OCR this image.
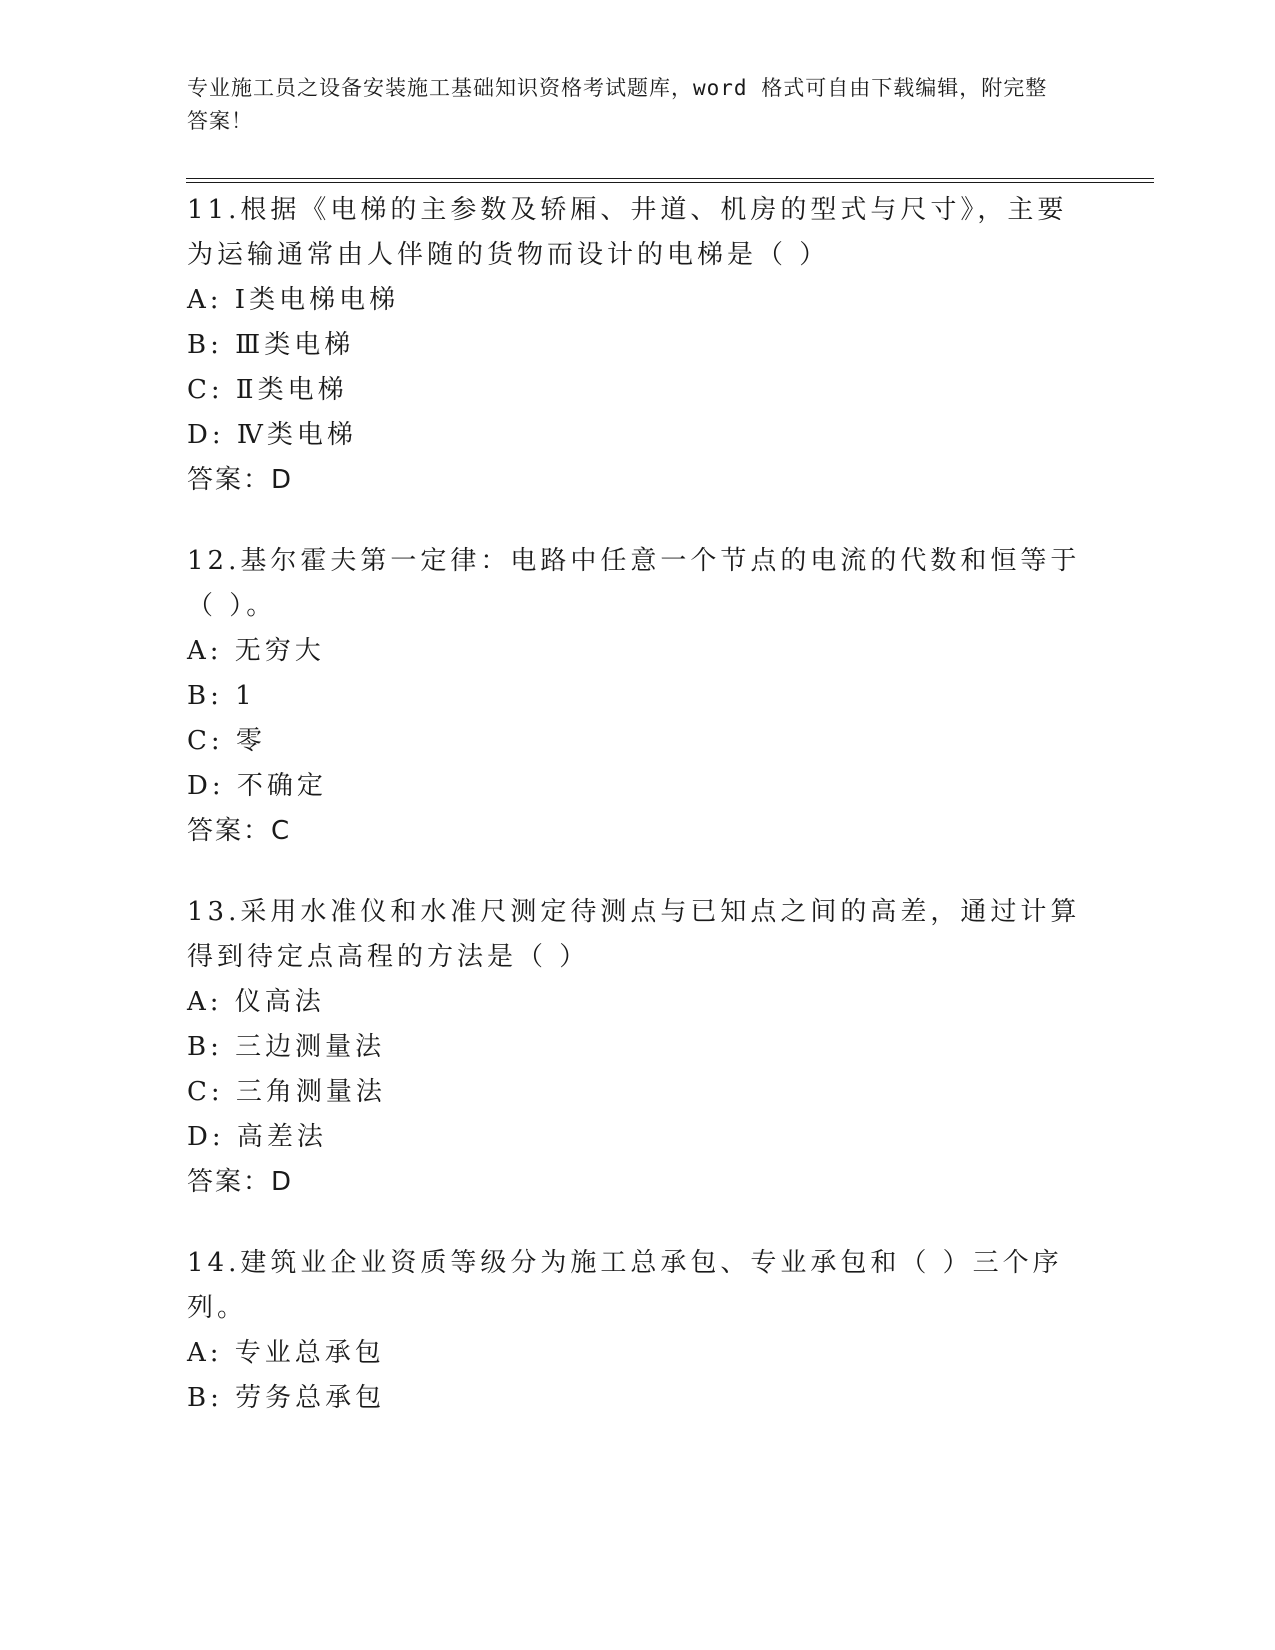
专业施工员之设备安装施工基础知识资格考试题库，word 格式可自由下载编辑，附完整答案！

11.根据《电梯的主参数及轿厢、井道、机房的型式与尺寸》，主要为运输通常由人伴随的货物而设计的电梯是（ ）

A: Ⅰ类电梯电梯

B: Ⅲ类电梯

C: Ⅱ类电梯

D: Ⅳ类电梯

答案：D

12.基尔霍夫第一定律：电路中任意一个节点的电流的代数和恒等于（ ）。

A: 无穷大

B: 1

C: 零

D: 不确定

答案：C

13.采用水准仪和水准尺测定待测点与已知点之间的高差，通过计算得到待定点高程的方法是（ ）

A: 仪高法

B: 三边测量法

C: 三角测量法

D: 高差法

答案：D

14.建筑业企业资质等级分为施工总承包、专业承包和（ ）三个序列。

A: 专业总承包

B: 劳务总承包
